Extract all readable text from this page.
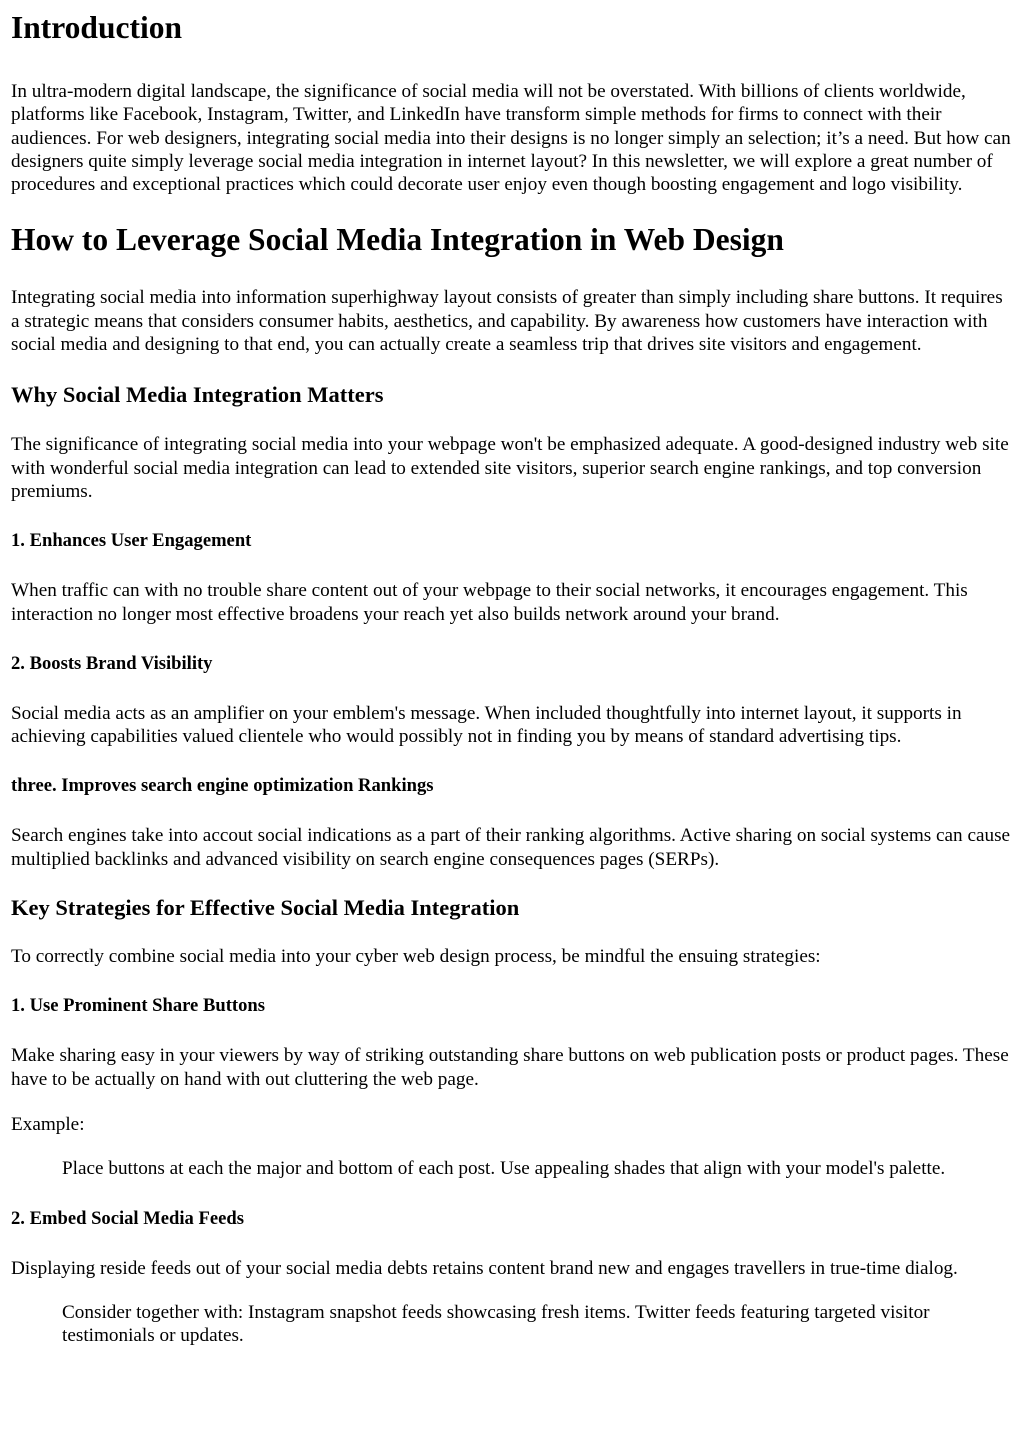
Introduction

In ultra-modern digital landscape, the significance of social media will not be overstated. With billions of clients worldwide, platforms like Facebook, Instagram, Twitter, and LinkedIn have transform simple methods for firms to connect with their audiences. For web designers, integrating social media into their designs is no longer simply an selection; it’s a need. But how can designers quite simply leverage social media integration in internet layout? In this newsletter, we will explore a great number of procedures and exceptional practices which could decorate user enjoy even though boosting engagement and logo visibility.

How to Leverage Social Media Integration in Web Design

Integrating social media into information superhighway layout consists of greater than simply including share buttons. It requires a strategic means that considers consumer habits, aesthetics, and capability. By awareness how customers have interaction with social media and designing to that end, you can actually create a seamless trip that drives site visitors and engagement.

Why Social Media Integration Matters

The significance of integrating social media into your webpage won't be emphasized adequate. A good-designed industry web site with wonderful social media integration can lead to extended site visitors, superior search engine rankings, and top conversion premiums.

1. Enhances User Engagement

When traffic can with no trouble share content out of your webpage to their social networks, it encourages engagement. This interaction no longer most effective broadens your reach yet also builds network around your brand.

2. Boosts Brand Visibility

Social media acts as an amplifier on your emblem's message. When included thoughtfully into internet layout, it supports in achieving capabilities valued clientele who would possibly not in finding you by means of standard advertising tips.

three. Improves search engine optimization Rankings

Search engines take into accout social indications as a part of their ranking algorithms. Active sharing on social systems can cause multiplied backlinks and advanced visibility on search engine consequences pages (SERPs).

Key Strategies for Effective Social Media Integration

To correctly combine social media into your cyber web design process, be mindful the ensuing strategies:

1. Use Prominent Share Buttons

Make sharing easy in your viewers by way of striking outstanding share buttons on web publication posts or product pages. These have to be actually on hand with out cluttering the web page.

Example:

Place buttons at each the major and bottom of each post. Use appealing shades that align with your model's palette.
2. Embed Social Media Feeds

Displaying reside feeds out of your social media debts retains content brand new and engages travellers in true-time dialog.

Consider together with: Instagram snapshot feeds showcasing fresh items. Twitter feeds featuring targeted visitor testimonials or updates.
